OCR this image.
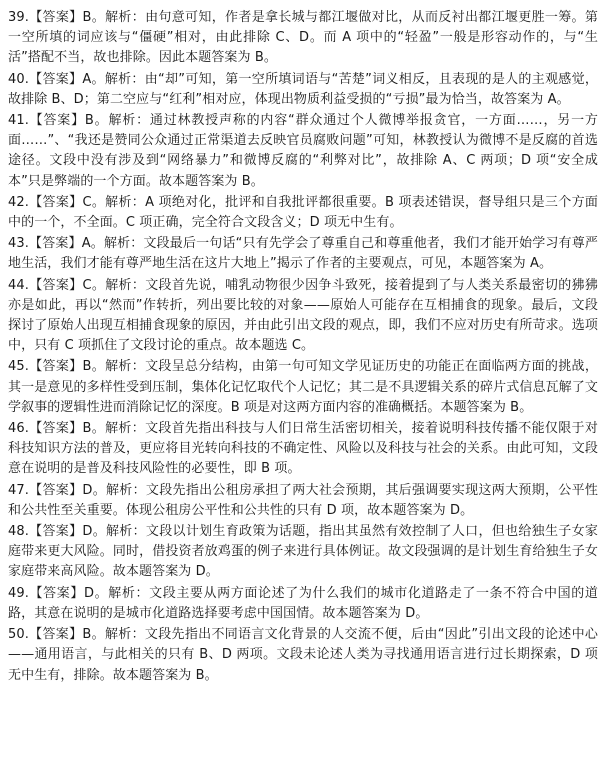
39.【答案】B。解析：由句意可知，作者是拿长城与都江堰做对比，从而反衬出都江堰更胜一筹。第一空所填的词应该与“僵硬”相对，由此排除 C、D。而 A 项中的“轻盈”一般是形容动作的，与“生活”搭配不当，故也排除。因此本题答案为 B。

40.【答案】A。解析：由“却”可知，第一空所填词语与“苦楚”词义相反，且表现的是人的主观感觉，故排除 B、D；第二空应与“红利”相对应，体现出物质利益受损的“亏损”最为恰当，故答案为 A。

41.【答案】B。解析：通过林教授声称的内容“群众通过个人微博举报贪官，一方面……，另一方面……”、“我还是赞同公众通过正常渠道去反映官员腐败问题”可知，林教授认为微博不是反腐的首选途径。文段中没有涉及到“网络暴力”和微博反腐的“利弊对比”，故排除 A、C 两项；D 项“安全成本”只是弊端的一个方面。故本题答案为 B。

42.【答案】C。解析：A 项绝对化，批评和自我批评都很重要。B 项表述错误，督导组只是三个方面中的一个，不全面。C 项正确，完全符合文段含义；D 项无中生有。

43.【答案】A。解析：文段最后一句话“只有先学会了尊重自己和尊重他者，我们才能开始学习有尊严地生活，我们才能有尊严地生活在这片大地上”揭示了作者的主要观点，可见，本题答案为 A。

44.【答案】C。解析：文段首先说，哺乳动物很少因争斗致死，接着提到了与人类关系最密切的狒狒亦是如此，再以“然而”作转折，列出要比较的对象——原始人可能存在互相捕食的现象。最后，文段探讨了原始人出现互相捕食现象的原因，并由此引出文段的观点，即，我们不应对历史有所苛求。选项中，只有 C 项抓住了文段讨论的重点。故本题选 C。

45.【答案】B。解析：文段呈总分结构，由第一句可知文学见证历史的功能正在面临两方面的挑战，其一是意见的多样性受到压制，集体化记忆取代个人记忆；其二是不具逻辑关系的碎片式信息瓦解了文学叙事的逻辑性进而消除记忆的深度。B 项是对这两方面内容的准确概括。本题答案为 B。

46.【答案】B。解析：文段首先指出科技与人们日常生活密切相关，接着说明科技传播不能仅限于对科技知识方法的普及，更应将目光转向科技的不确定性、风险以及科技与社会的关系。由此可知，文段意在说明的是普及科技风险性的必要性，即 B 项。

47.【答案】D。解析：文段先指出公租房承担了两大社会预期，其后强调要实现这两大预期，公平性和公共性至关重要。体现公租房公平性和公共性的只有 D 项，故本题答案为 D。

48.【答案】D。解析：文段以计划生育政策为话题，指出其虽然有效控制了人口，但也给独生子女家庭带来更大风险。同时，借投资者放鸡蛋的例子来进行具体例证。故文段强调的是计划生育给独生子女家庭带来高风险。故本题答案为 D。

49.【答案】D。解析：文段主要从两方面论述了为什么我们的城市化道路走了一条不符合中国的道路，其意在说明的是城市化道路选择要考虑中国国情。故本题答案为 D。

50.【答案】B。解析：文段先指出不同语言文化背景的人交流不便，后由“因此”引出文段的论述中心——通用语言，与此相关的只有 B、D 两项。文段未论述人类为寻找通用语言进行过长期探索，D 项无中生有，排除。故本题答案为 B。
